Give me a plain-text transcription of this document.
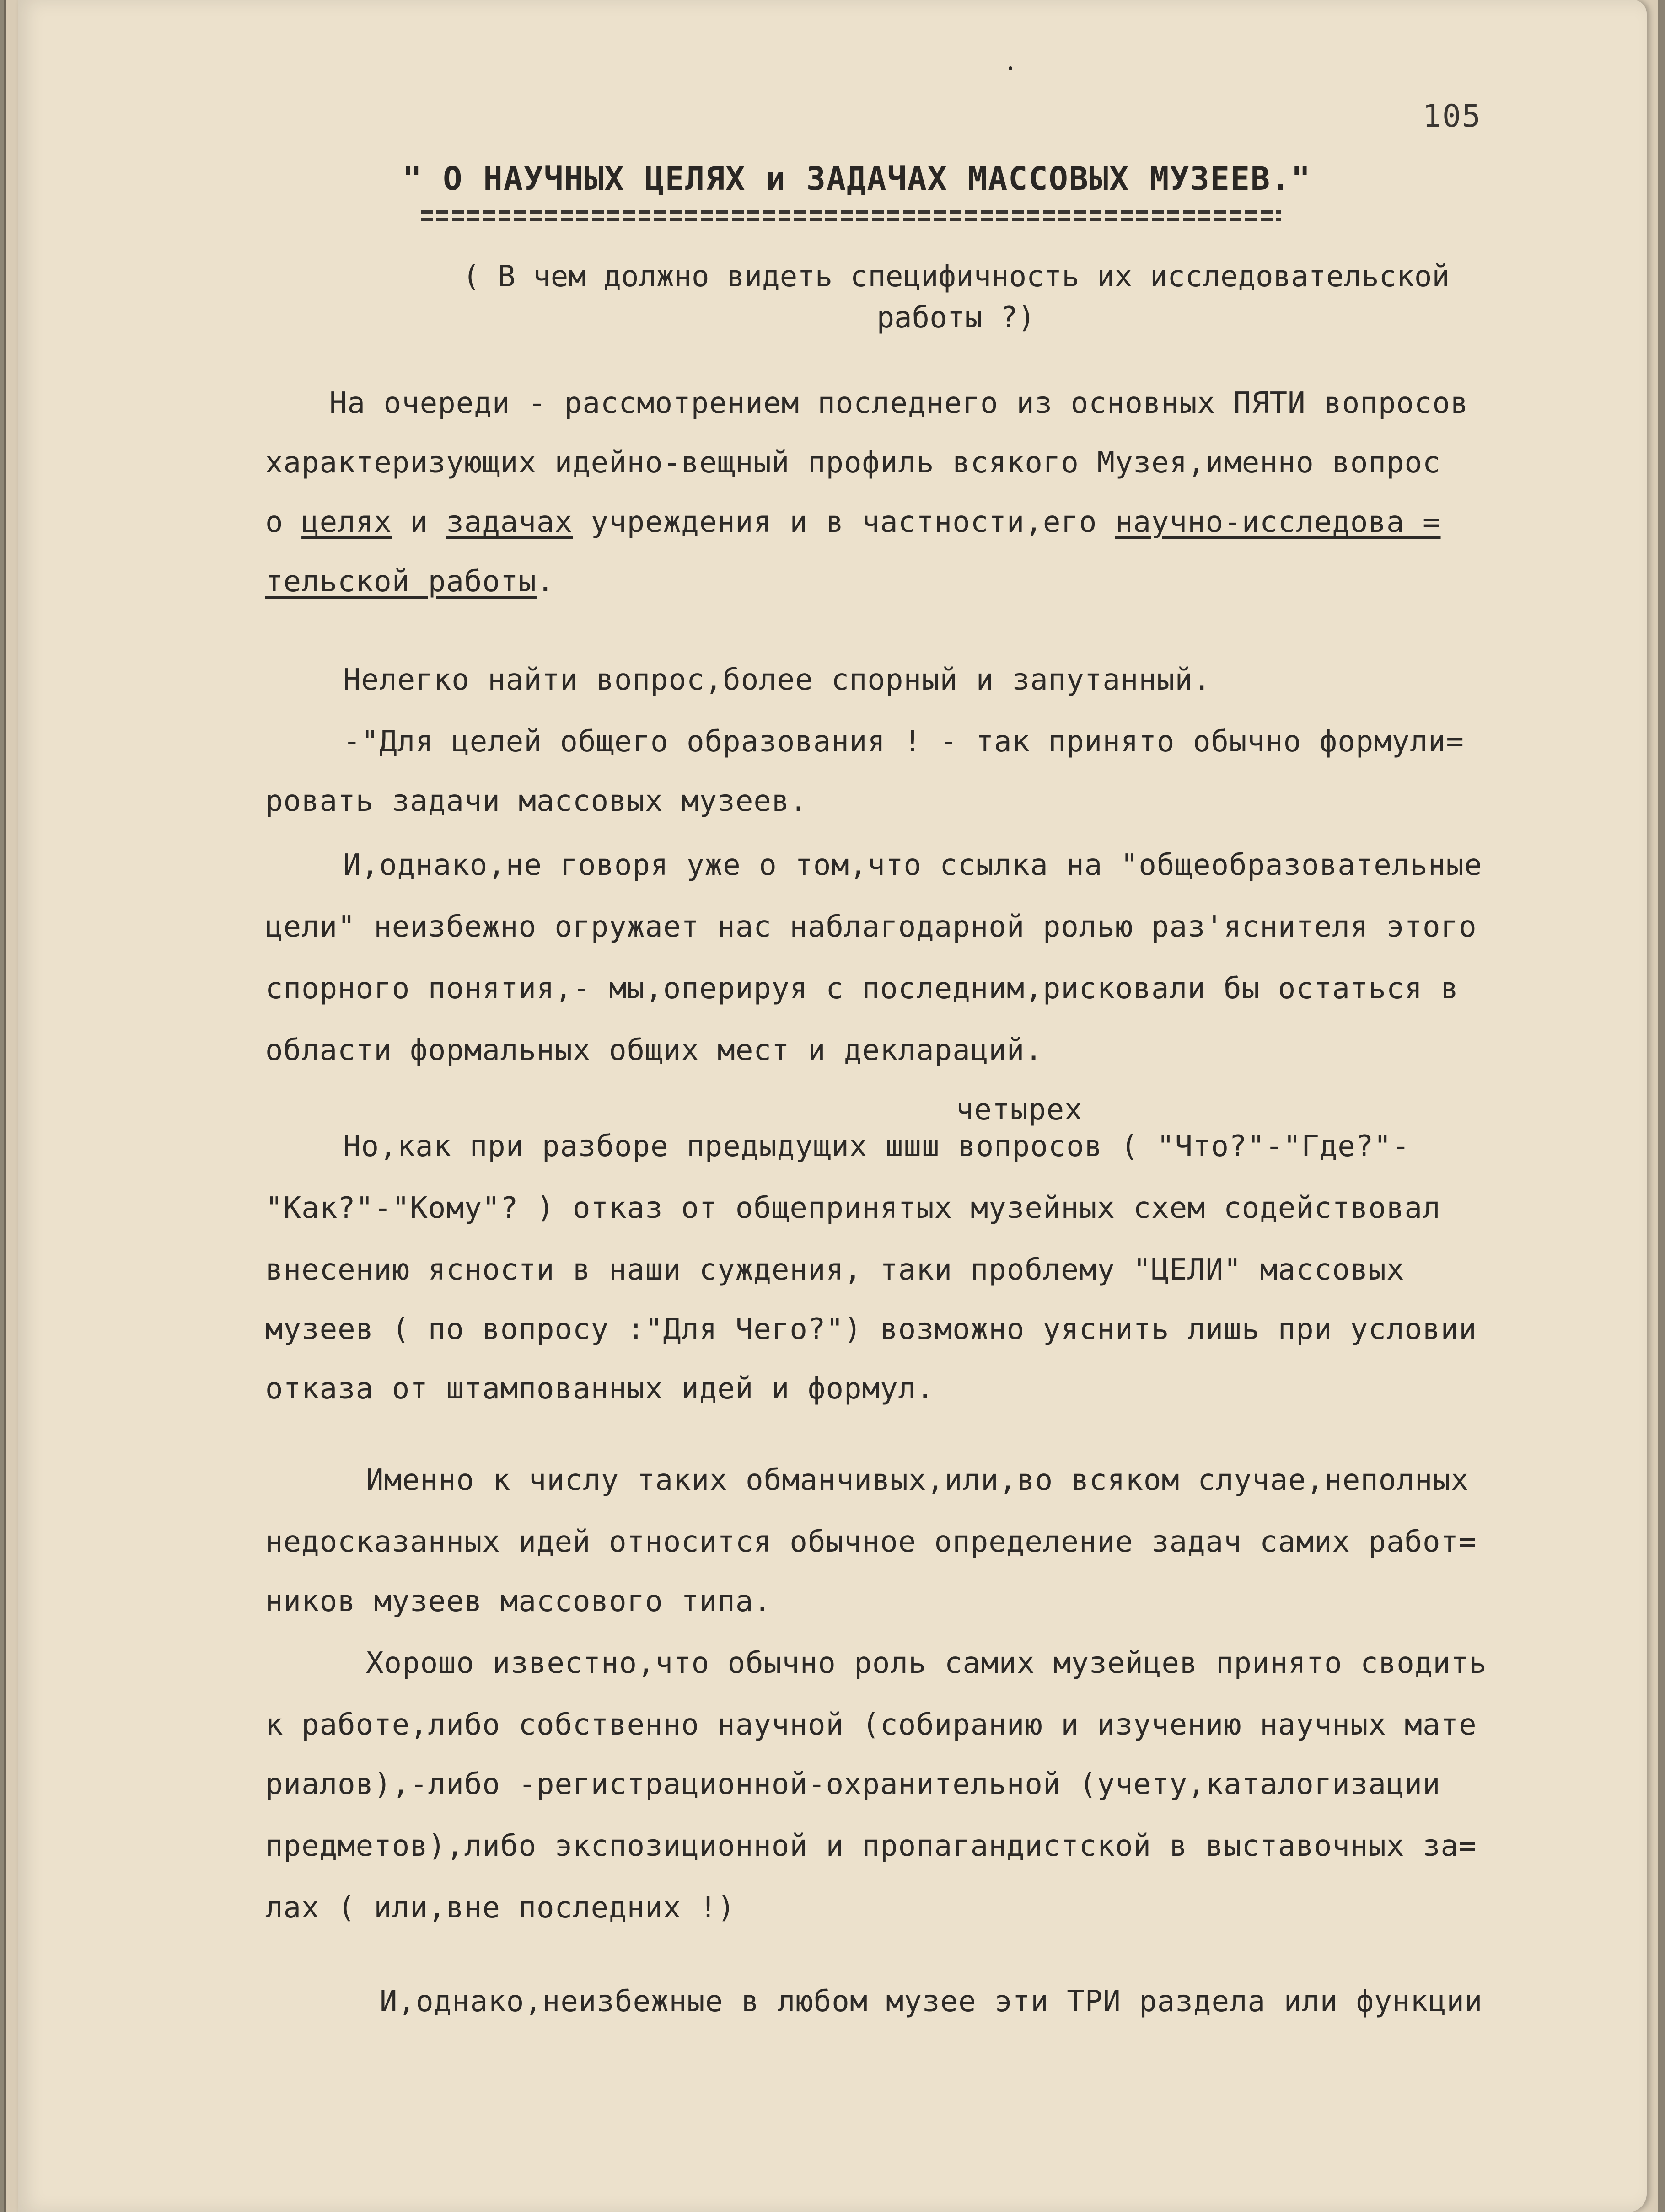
105
" О НАУЧНЫХ ЦЕЛЯХ и ЗАДАЧАХ МАССОВЫХ МУЗЕЕВ."
( В чем должно видеть специфичность их исследовательской
работы ?)
На очереди - рассмотрением последнего из основных ПЯТИ вопросов
характеризующих идейно-вещный профиль всякого Музея,именно вопрос
о целях и задачах учреждения и в частности,его научно-исследова =
тельской работы.
Нелегко найти вопрос,более спорный и запутанный.
-"Для целей общего образования ! - так принято обычно формули=
ровать задачи массовых музеев.
И,однако,не говоря уже о том,что ссылка на "общеобразовательные
цели" неизбежно огружает нас наблагодарной ролью раз'яснителя этого
спорного понятия,- мы,оперируя с последним,рисковали бы остаться в
области формальных общих мест и деклараций.
четырех
Но,как при разборе предыдущих шшш вопросов ( "Что?"-"Где?"-
"Как?"-"Кому"? ) отказ от общепринятых музейных схем содействовал
внесению ясности в наши суждения, таки проблему "ЦЕЛИ" массовых
музеев ( по вопросу :"Для Чего?") возможно уяснить лишь при условии
отказа от штампованных идей и формул.
Именно к числу таких обманчивых,или,во всяком случае,неполных
недосказанных идей относится обычное определение задач самих работ=
ников музеев массового типа.
Хорошо известно,что обычно роль самих музейцев принято сводить
к работе,либо собственно научной (собиранию и изучению научных мате
риалов),-либо -регистрационной-охранительной (учету,каталогизации
предметов),либо экспозиционной и пропагандистской в выставочных за=
лах ( или,вне последних !)
И,однако,неизбежные в любом музее эти ТРИ раздела или функции
